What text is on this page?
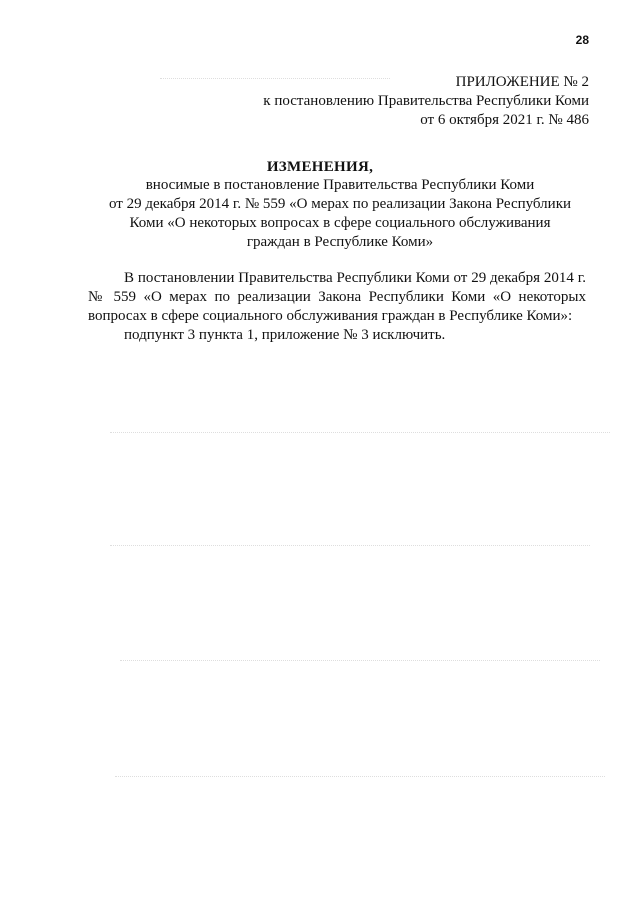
28
ПРИЛОЖЕНИЕ № 2
к постановлению Правительства Республики Коми
от 6 октября 2021 г. № 486
ИЗМЕНЕНИЯ,
вносимые в постановление Правительства Республики Коми
от 29 декабря 2014 г. № 559 «О мерах по реализации Закона Республики
Коми «О некоторых вопросах в сфере социального обслуживания
граждан в Республике Коми»

В постановлении Правительства Республики Коми от 29 декабря 2014 г. № 559 «О мерах по реализации Закона Республики Коми «О некоторых вопросах в сфере социального обслуживания граждан в Республике Коми»:

подпункт 3 пункта 1, приложение № 3 исключить.
